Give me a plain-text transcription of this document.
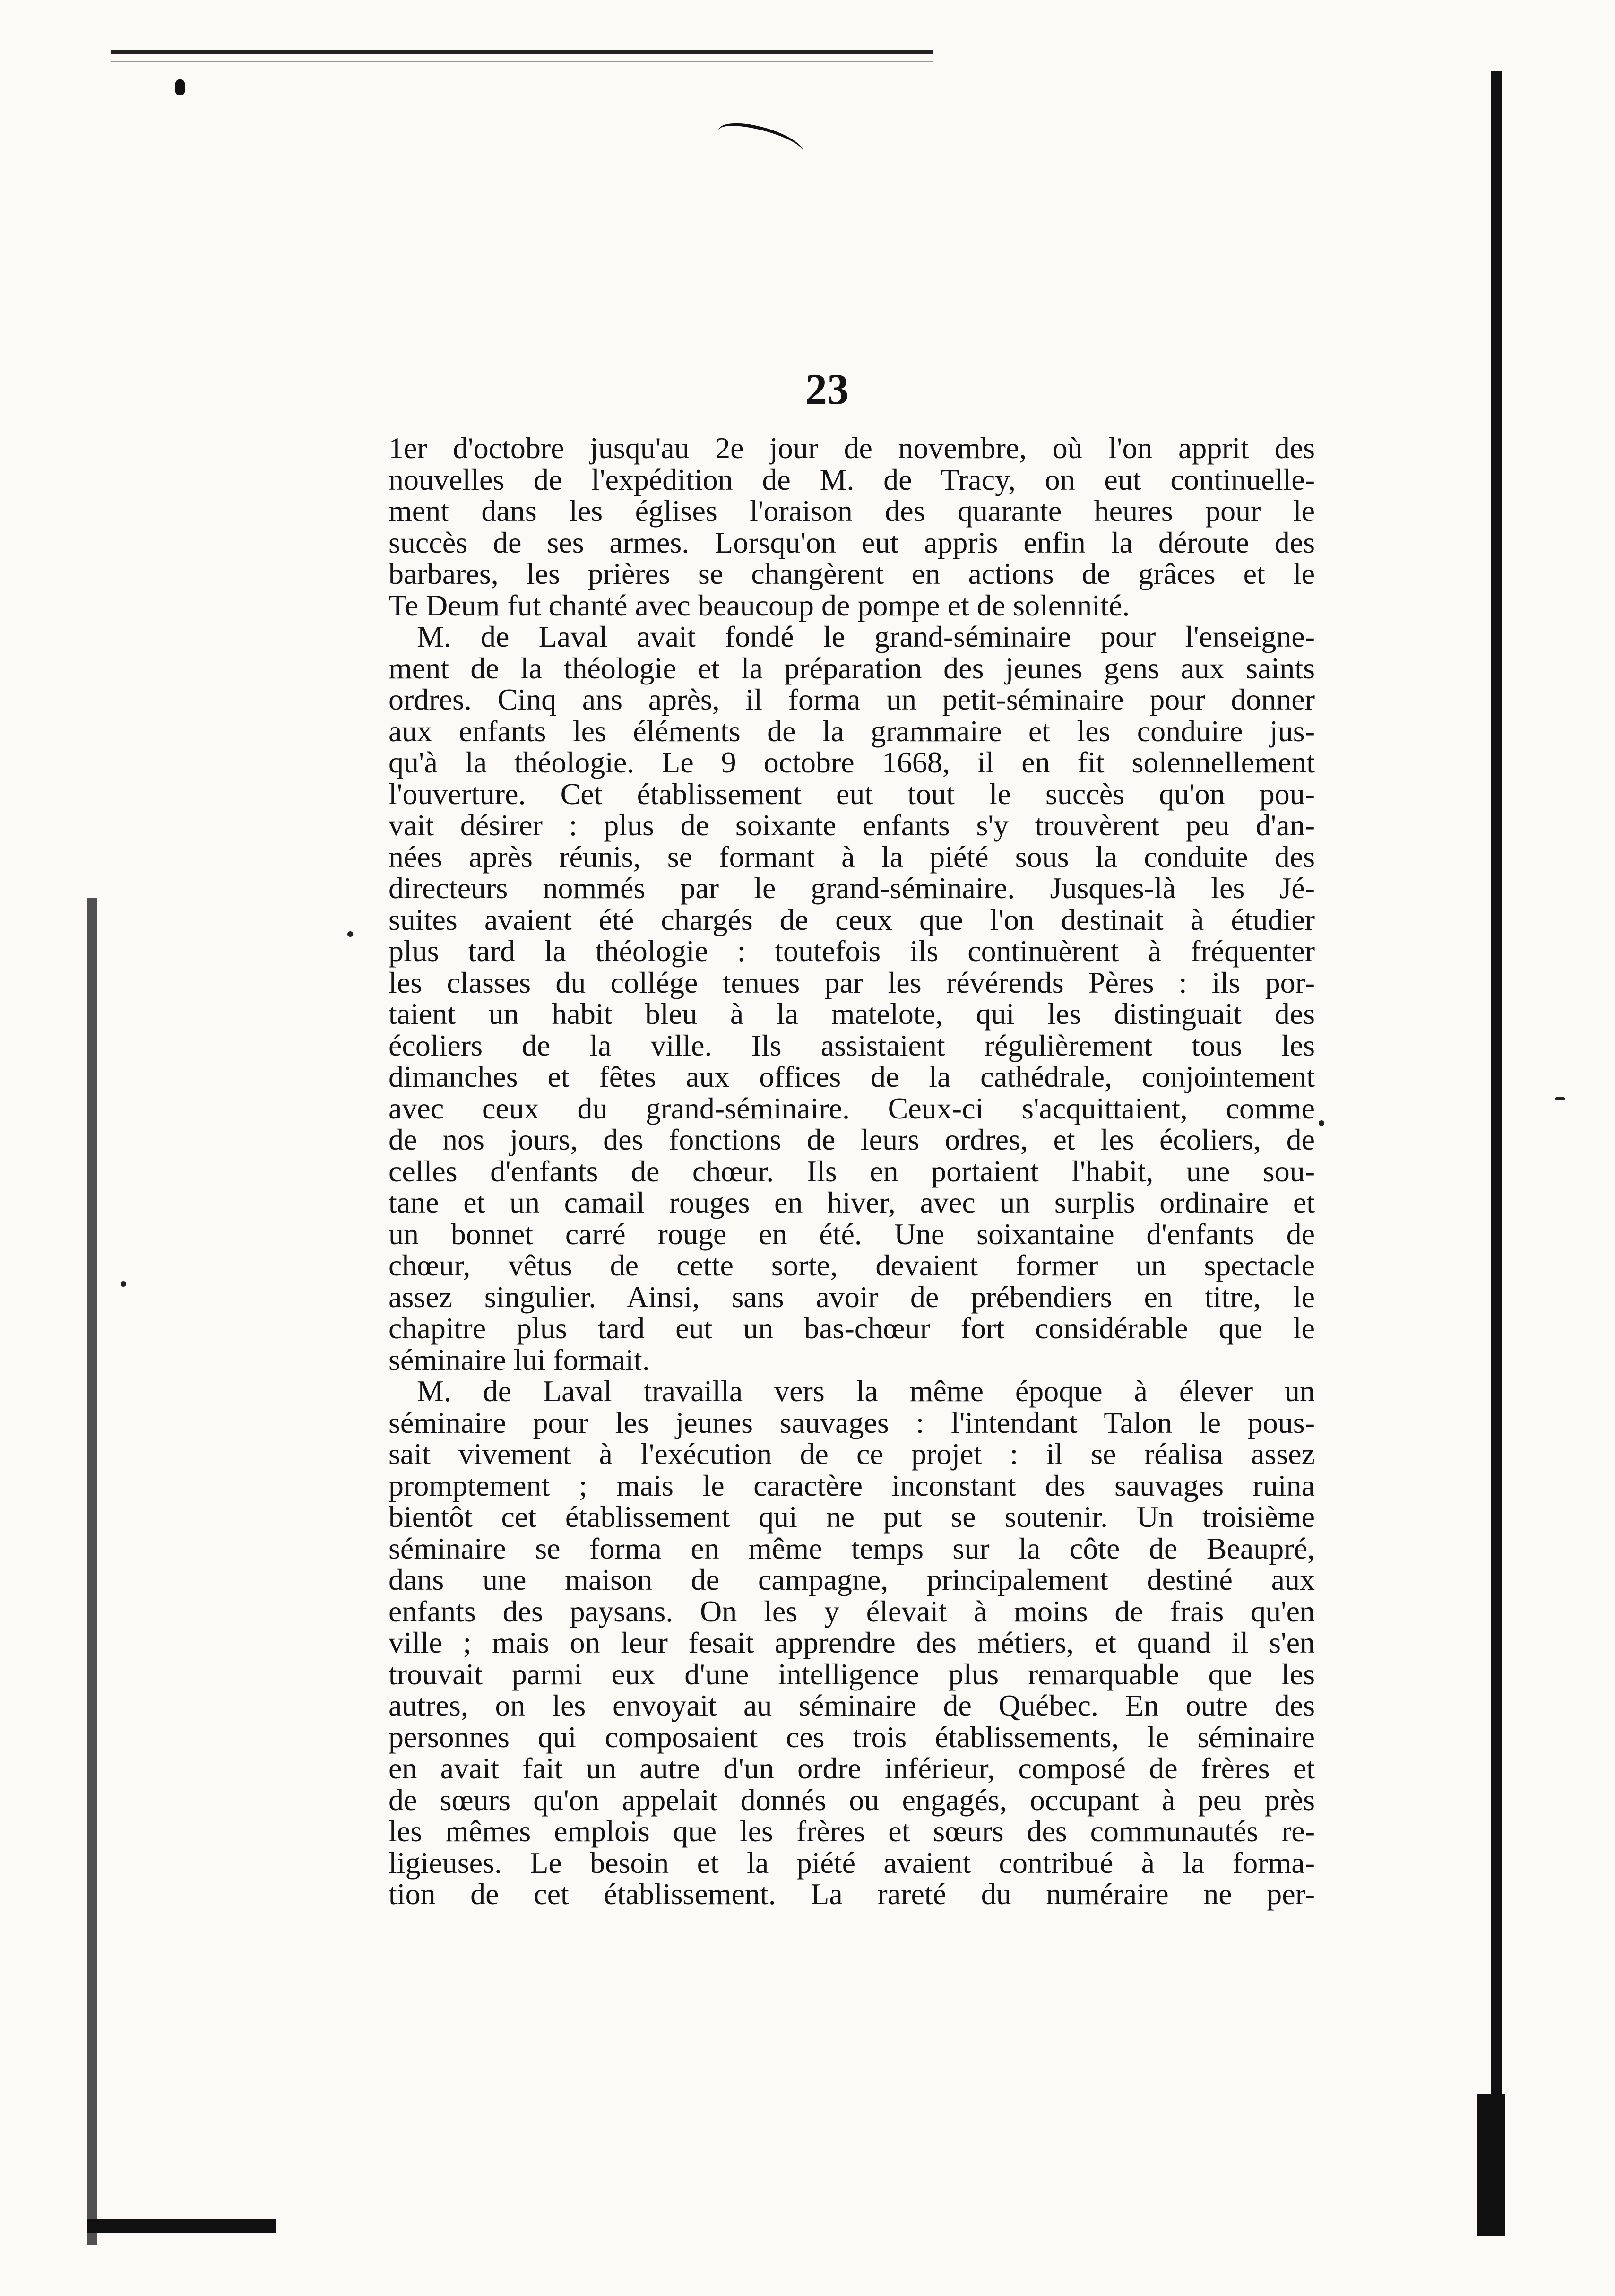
23
1er d'octobre jusqu'au 2e jour de novembre, où l'on apprit des
nouvelles de l'expédition de M. de Tracy, on eut continuelle-
ment dans les églises l'oraison des quarante heures pour le
succès de ses armes. Lorsqu'on eut appris enfin la déroute des
barbares, les prières se changèrent en actions de grâces et le
Te Deum fut chanté avec beaucoup de pompe et de solennité.
M. de Laval avait fondé le grand-séminaire pour l'enseigne-
ment de la théologie et la préparation des jeunes gens aux saints
ordres. Cinq ans après, il forma un petit-séminaire pour donner
aux enfants les éléments de la grammaire et les conduire jus-
qu'à la théologie. Le 9 octobre 1668, il en fit solennellement
l'ouverture. Cet établissement eut tout le succès qu'on pou-
vait désirer : plus de soixante enfants s'y trouvèrent peu d'an-
nées après réunis, se formant à la piété sous la conduite des
directeurs nommés par le grand-séminaire. Jusques-là les Jé-
suites avaient été chargés de ceux que l'on destinait à étudier
plus tard la théologie : toutefois ils continuèrent à fréquenter
les classes du collége tenues par les révérends Pères : ils por-
taient un habit bleu à la matelote, qui les distinguait des
écoliers de la ville. Ils assistaient régulièrement tous les
dimanches et fêtes aux offices de la cathédrale, conjointement
avec ceux du grand-séminaire. Ceux-ci s'acquittaient, comme
de nos jours, des fonctions de leurs ordres, et les écoliers, de
celles d'enfants de chœur. Ils en portaient l'habit, une sou-
tane et un camail rouges en hiver, avec un surplis ordinaire et
un bonnet carré rouge en été. Une soixantaine d'enfants de
chœur, vêtus de cette sorte, devaient former un spectacle
assez singulier. Ainsi, sans avoir de prébendiers en titre, le
chapitre plus tard eut un bas-chœur fort considérable que le
séminaire lui formait.
M. de Laval travailla vers la même époque à élever un
séminaire pour les jeunes sauvages : l'intendant Talon le pous-
sait vivement à l'exécution de ce projet : il se réalisa assez
promptement ; mais le caractère inconstant des sauvages ruina
bientôt cet établissement qui ne put se soutenir. Un troisième
séminaire se forma en même temps sur la côte de Beaupré,
dans une maison de campagne, principalement destiné aux
enfants des paysans. On les y élevait à moins de frais qu'en
ville ; mais on leur fesait apprendre des métiers, et quand il s'en
trouvait parmi eux d'une intelligence plus remarquable que les
autres, on les envoyait au séminaire de Québec. En outre des
personnes qui composaient ces trois établissements, le séminaire
en avait fait un autre d'un ordre inférieur, composé de frères et
de sœurs qu'on appelait donnés ou engagés, occupant à peu près
les mêmes emplois que les frères et sœurs des communautés re-
ligieuses. Le besoin et la piété avaient contribué à la forma-
tion de cet établissement. La rareté du numéraire ne per-
